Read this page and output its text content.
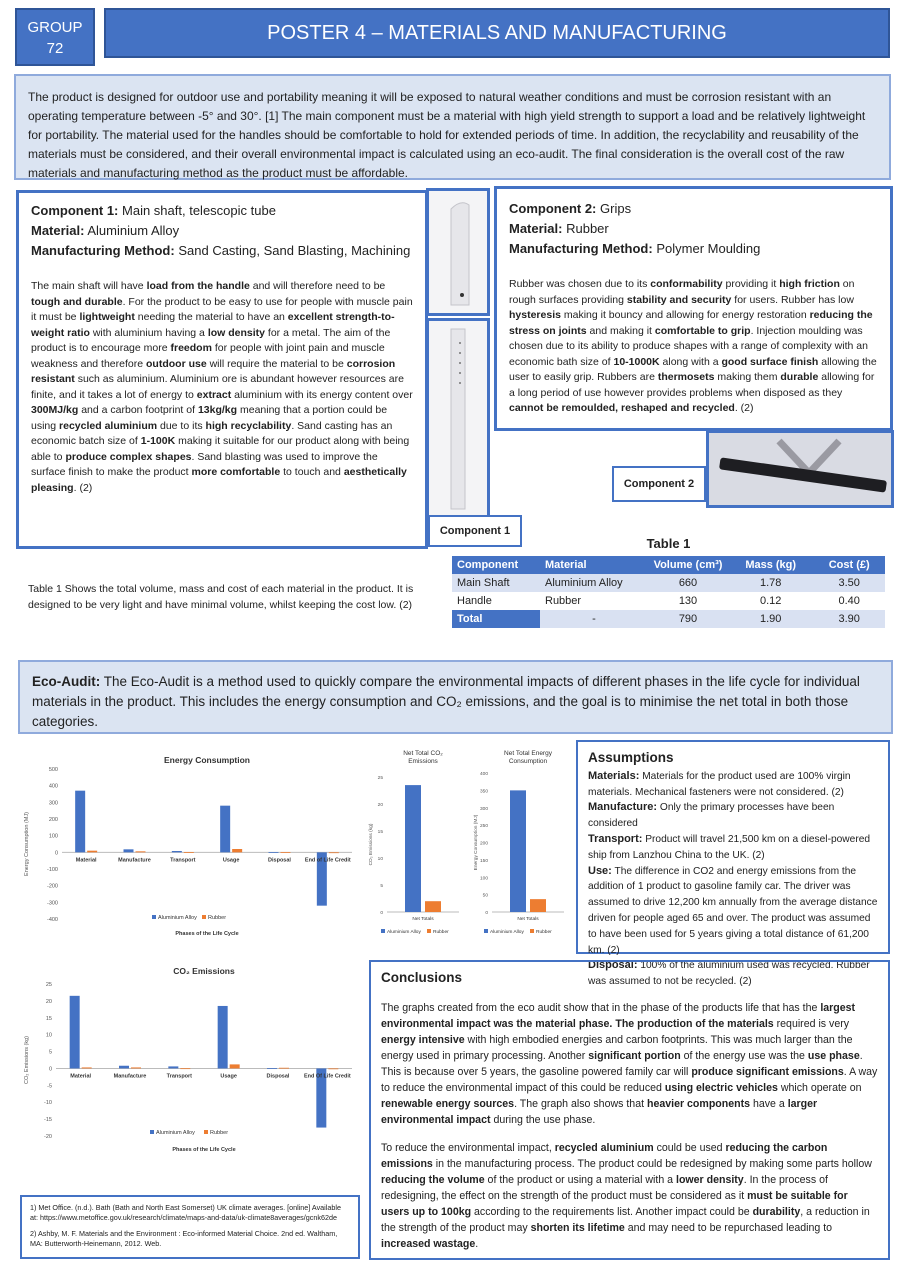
GROUP
72
POSTER 4 – MATERIALS AND MANUFACTURING

The product is designed for outdoor use and portability meaning it will be exposed to natural weather conditions and must be corrosion resistant with an operating temperature between -5° and 30°. [1] The main component must be a material with high yield strength to support a load and be relatively lightweight for portability. The material used for the handles should be comfortable to hold for extended periods of time. In addition, the recyclability and reusability of the materials must be considered, and their overall environmental impact is calculated using an eco-audit. The final consideration is the overall cost of the raw materials and manufacturing method as the product must be affordable.

Component 1: Main shaft, telescopic tube
Material: Aluminium Alloy
Manufacturing Method: Sand Casting, Sand Blasting, Machining

The main shaft will have load from the handle and will therefore need to be tough and durable. For the product to be easy to use for people with muscle pain it must be lightweight needing the material to have an excellent strength-to-weight ratio with aluminium having a low density for a metal. The aim of the product is to encourage more freedom for people with joint pain and muscle weakness and therefore outdoor use will require the material to be corrosion resistant such as aluminium. Aluminium ore is abundant however resources are finite, and it takes a lot of energy to extract aluminium with its energy content over 300MJ/kg and a carbon footprint of 13kg/kg meaning that a portion could be using recycled aluminium due to its high recyclability. Sand casting has an economic batch size of 1-100K making it suitable for our product along with being able to produce complex shapes. Sand blasting was used to improve the surface finish to make the product more comfortable to touch and aesthetically pleasing. (2)

Component 1
Component 2: Grips
Material: Rubber
Manufacturing Method: Polymer Moulding

Rubber was chosen due to its conformability providing it high friction on rough surfaces providing stability and security for users. Rubber has low hysteresis making it bouncy and allowing for energy restoration reducing the stress on joints and making it comfortable to grip. Injection moulding was chosen due to its ability to produce shapes with a range of complexity with an economic bath size of 10-1000K along with a good surface finish allowing the user to easily grip. Rubbers are thermosets making them durable allowing for a long period of use however provides problems when disposed as they cannot be remoulded, reshaped and recycled. (2)

Component 2
Table 1 Shows the total volume, mass and cost of each material in the product. It is designed to be very light and have minimal volume, whilst keeping the cost low. (2)
Table 1
Component	Material	Volume (cm³)	Mass (kg)	Cost (£)
Main Shaft	Aluminium Alloy	660	1.78	3.50
Handle	Rubber	130	0.12	0.40
Total	-	790	1.90	3.90
Eco-Audit: The Eco-Audit is a method used to quickly compare the environmental impacts of different phases in the life cycle for individual materials in the product. This includes the energy consumption and CO₂ emissions, and the goal is to minimise the net total in both those categories.
Energy Consumption
500
400
300
200
100
0
-100
-200
-300
-400
Energy Consumption (MJ)	Material	Manufacture	Transport	Usage	Disposal	End of Life Credit
Aluminium Alloy Rubber
Phases of the Life Cycle
CO₂ Emissions
25
20
15
10
5
0
-5
-10
-15
-20
CO₂ Emissions (kg)	Material	Manufacture	Transport	Usage	Disposal	End Of Life Credit
Aluminium Alloy	Rubber
Phases of the Life Cycle
Net Total CO₂ Emissions
25
20
15
10
5
0
CO₂ Emissions (kg)
Net Totals
Aluminium Alloy	Rubber
Net Total Energy Consumption
400
350
300
250
200
150
100
50
0
Energy Consumption (MJ)
Net Totals
Aluminium Alloy	Rubber
Assumptions
Materials: Materials for the product used are 100% virgin materials. Mechanical fasteners were not considered. (2)
Manufacture: Only the primary processes have been considered
Transport: Product will travel 21,500 km on a diesel-powered ship from Lanzhou China to the UK. (2)
Use: The difference in CO2 and energy emissions from the addition of 1 product to gasoline family car. The driver was assumed to drive 12,200 km annually from the average distance driven for people aged 65 and over. The product was assumed to have been used for 5 years giving a total distance of 61,200 km. (2)
Disposal: 100% of the aluminium used was recycled. Rubber was assumed to not be recycled. (2)
Conclusions

The graphs created from the eco audit show that in the phase of the products life that has the largest environmental impact was the material phase. The production of the materials required is very energy intensive with high embodied energies and carbon footprints. This was much larger than the energy used in primary processing. Another significant portion of the energy use was the use phase. This is because over 5 years, the gasoline powered family car will produce significant emissions. A way to reduce the environmental impact of this could be reduced using electric vehicles which operate on renewable energy sources. The graph also shows that heavier components have a larger environmental impact during the use phase.

To reduce the environmental impact, recycled aluminium could be used reducing the carbon emissions in the manufacturing process. The product could be redesigned by making some parts hollow reducing the volume of the product or using a material with a lower density. In the process of redesigning, the effect on the strength of the product must be considered as it must be suitable for users up to 100kg according to the requirements list. Another impact could be durability, a reduction in the strength of the product may shorten its lifetime and may need to be repurchased leading to increased wastage.

1) Met Office. (n.d.). Bath (Bath and North East Somerset) UK climate averages. [online] Available at: https://www.metoffice.gov.uk/research/climate/maps-and-data/uk-climate8averages/gcnk62de
2) Ashby, M. F. Materials and the Environment : Eco-informed Material Choice. 2nd ed. Waltham, MA: Butterworth-Heinemann, 2012. Web.
